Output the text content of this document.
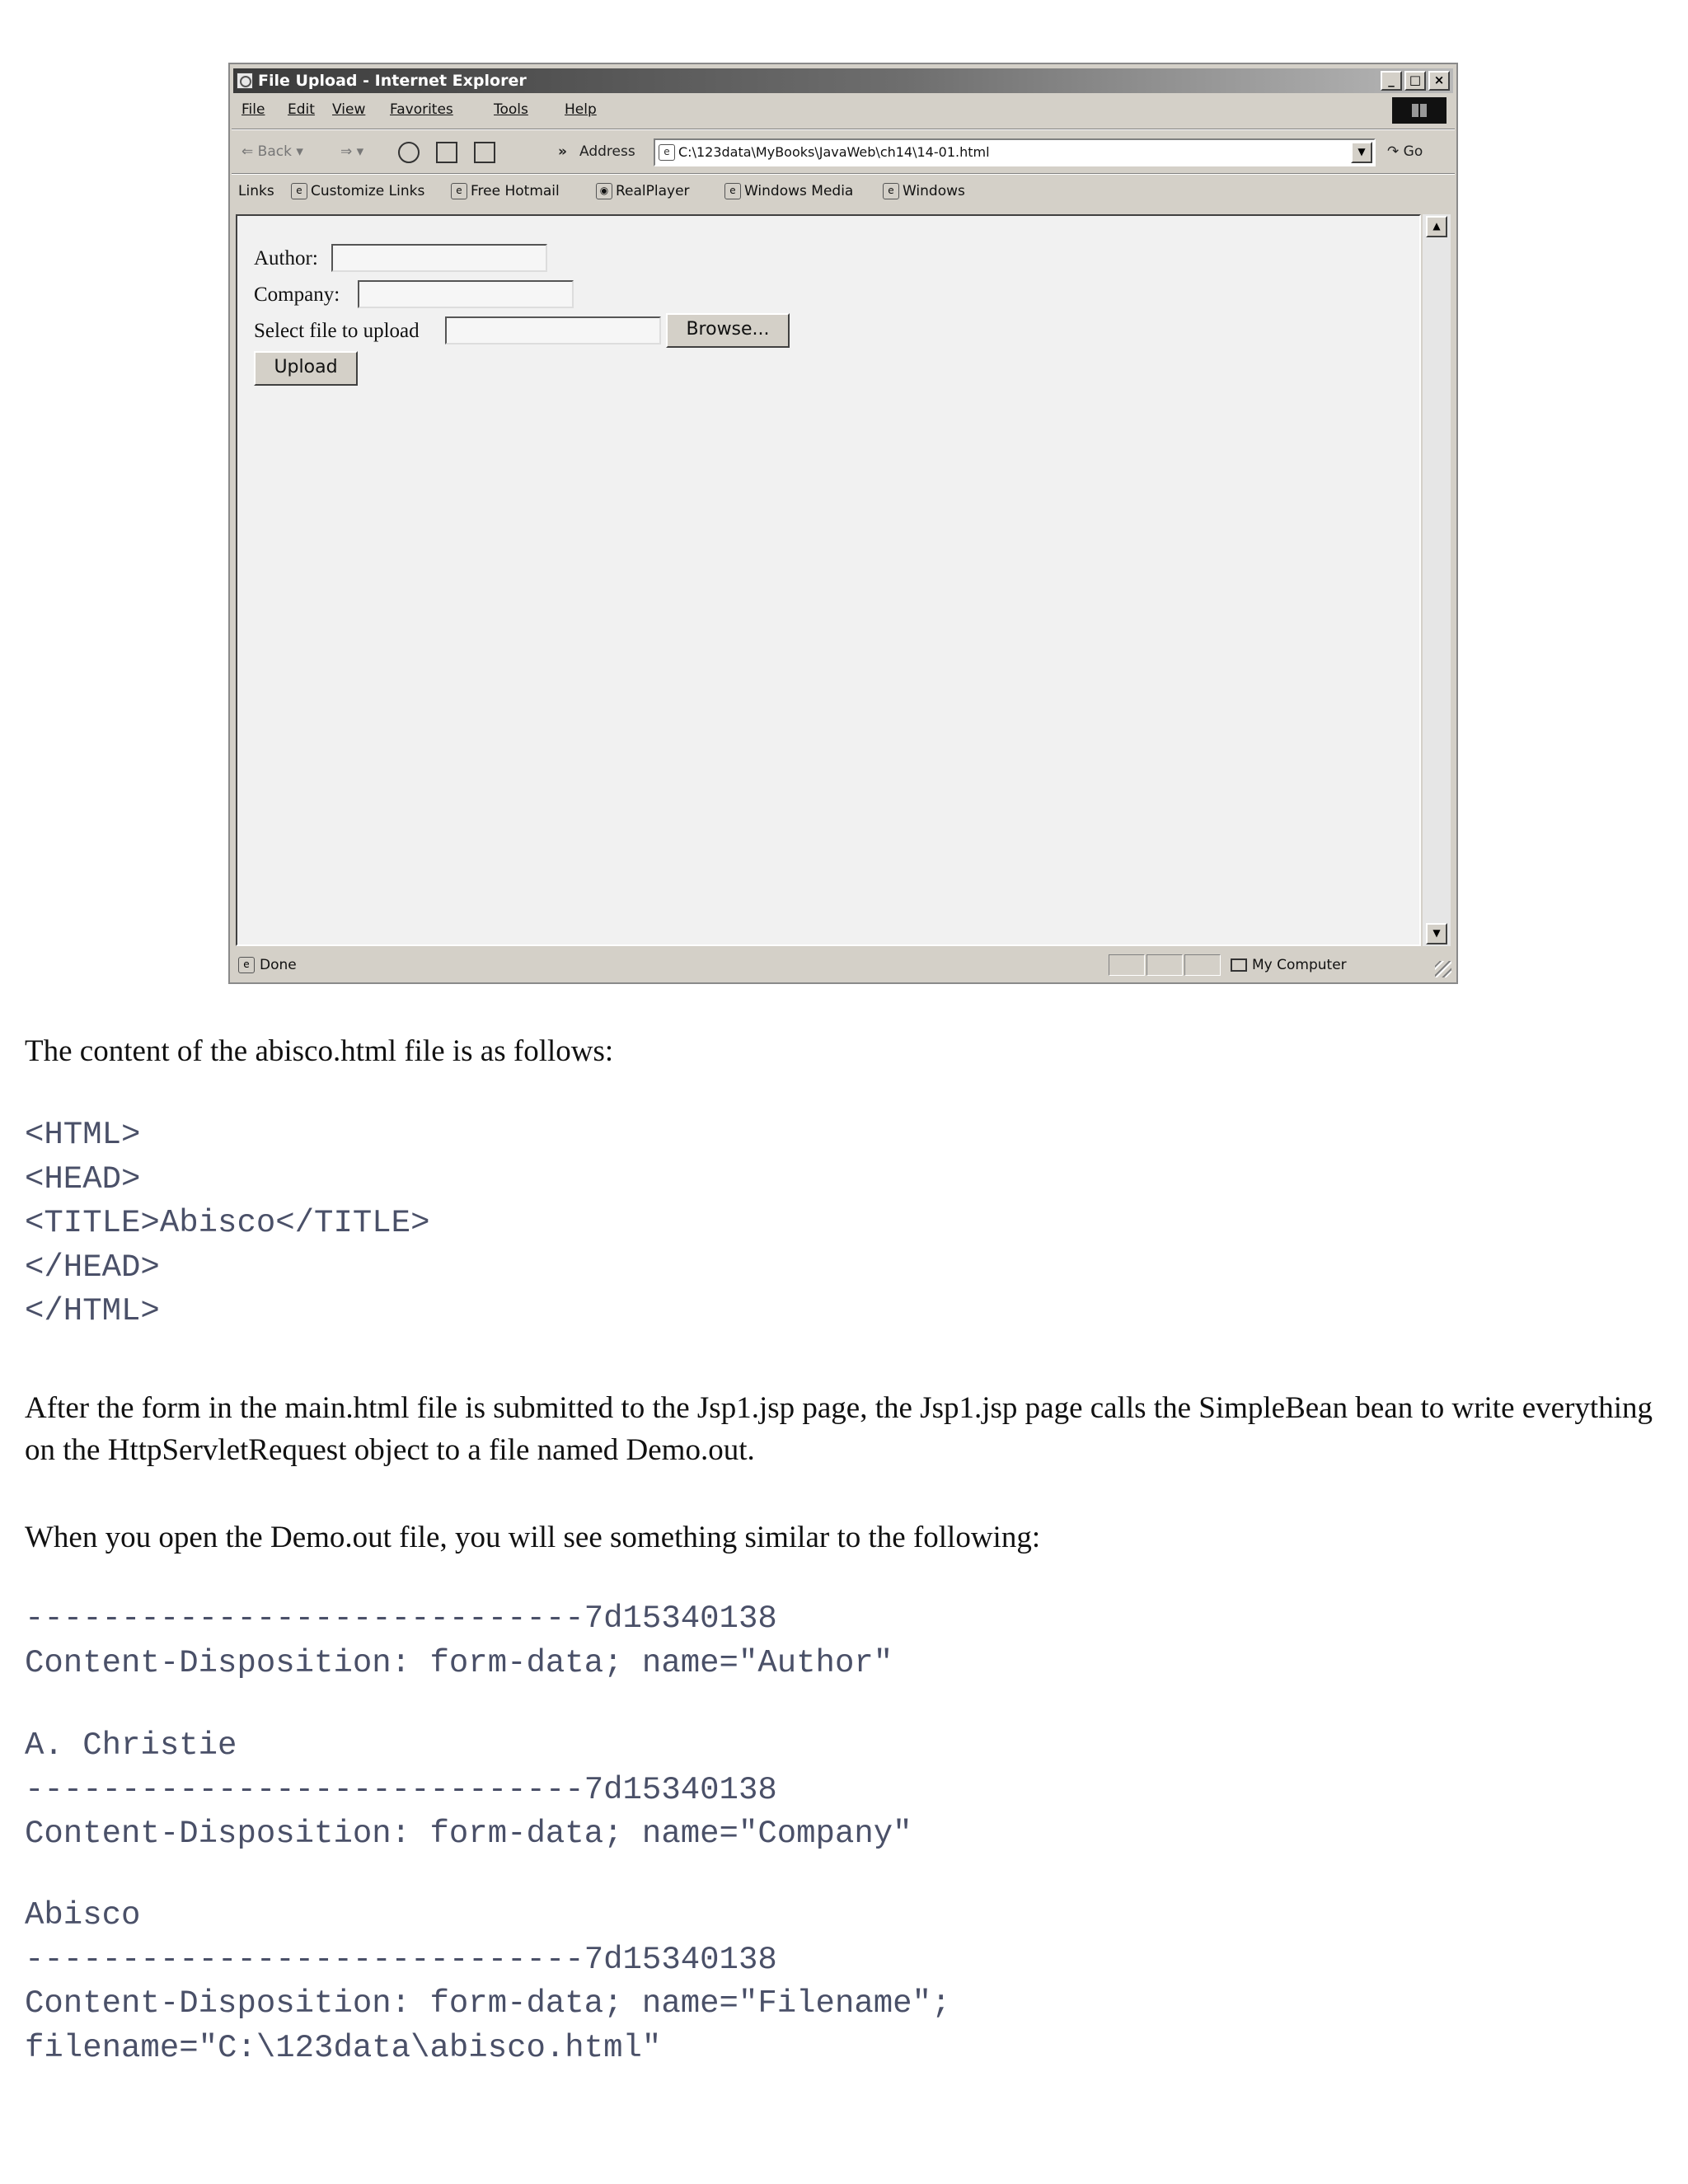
File Upload - Internet Explorer	_	□	×
File Edit View Favorites	Tools	Help
⇐ Back ▾	⇒ ▾	» Address	e C:\123data\MyBooks\JavaWeb\ch14\14-01.html	▼	↷ Go
Links	e Customize Links	e Free Hotmail	◉ RealPlayer	e Windows Media	e Windows
Author:
Company:
Select file to upload	Browse...
Upload
▲
▼
e Done	My Computer
The content of the abisco.html file is as follows:
<HTML>
<HEAD>
<TITLE>Abisco</TITLE>
</HEAD>
</HTML>
After the form in the main.html file is submitted to the Jsp1.jsp page, the Jsp1.jsp page calls the SimpleBean bean to write everything on the HttpServletRequest object to a file named Demo.out.
When you open the Demo.out file, you will see something similar to the following:
-----------------------------7d15340138
Content-Disposition: form-data; name="Author"
A. Christie
-----------------------------7d15340138
Content-Disposition: form-data; name="Company"
Abisco
-----------------------------7d15340138
Content-Disposition: form-data; name="Filename";
filename="C:\123data\abisco.html"
